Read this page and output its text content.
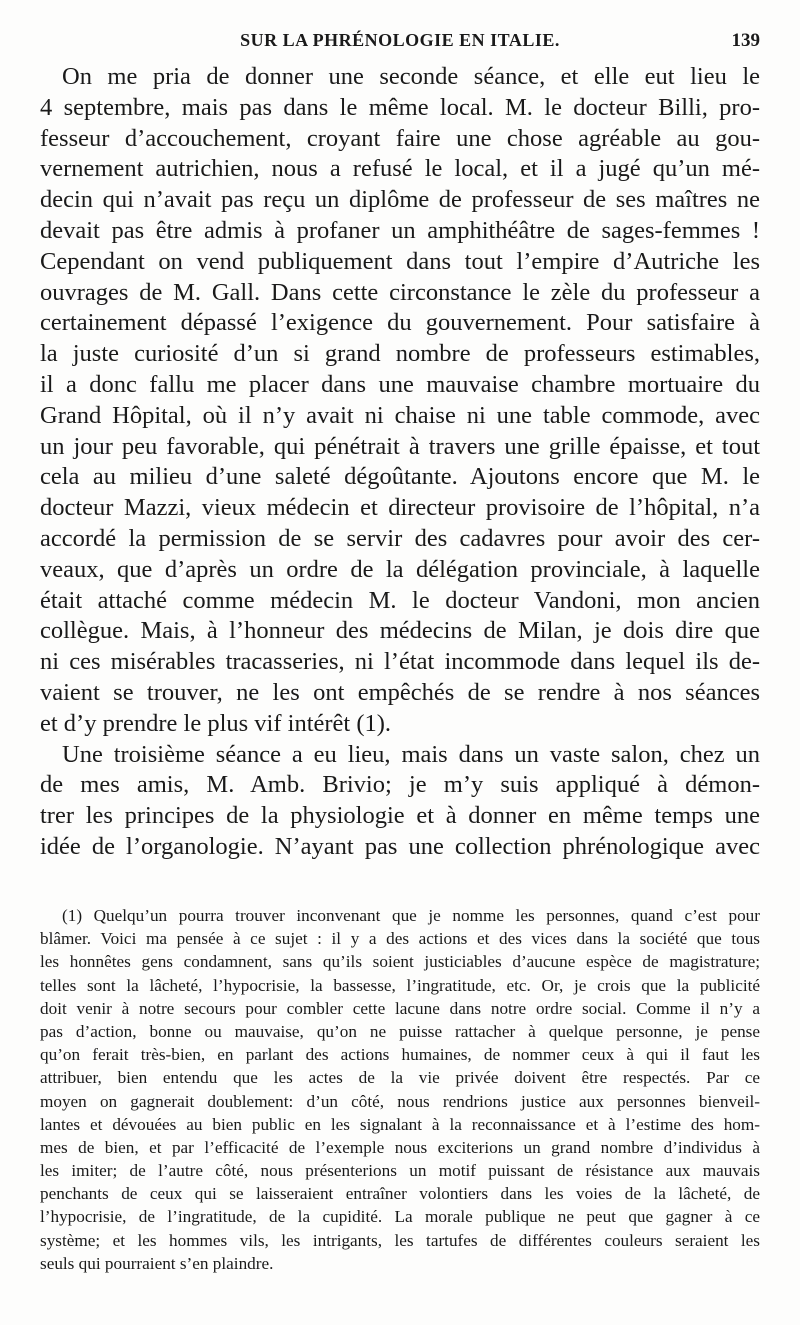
SUR LA PHRÉNOLOGIE EN ITALIE.	139
On me pria de donner une seconde séance, et elle eut lieu le
4 septembre, mais pas dans le même local. M. le docteur Billi, pro-
fesseur d’accouchement, croyant faire une chose agréable au gou-
vernement autrichien, nous a refusé le local, et il a jugé qu’un mé-
decin qui n’avait pas reçu un diplôme de professeur de ses maîtres ne
devait pas être admis à profaner un amphithéâtre de sages-femmes !
Cependant on vend publiquement dans tout l’empire d’Autriche les
ouvrages de M. Gall. Dans cette circonstance le zèle du professeur a
certainement dépassé l’exigence du gouvernement. Pour satisfaire à
la juste curiosité d’un si grand nombre de professeurs estimables,
il a donc fallu me placer dans une mauvaise chambre mortuaire du
Grand Hôpital, où il n’y avait ni chaise ni une table commode, avec
un jour peu favorable, qui pénétrait à travers une grille épaisse, et tout
cela au milieu d’une saleté dégoûtante. Ajoutons encore que M. le
docteur Mazzi, vieux médecin et directeur provisoire de l’hôpital, n’a
accordé la permission de se servir des cadavres pour avoir des cer-
veaux, que d’après un ordre de la délégation provinciale, à laquelle
était attaché comme médecin M. le docteur Vandoni, mon ancien
collègue. Mais, à l’honneur des médecins de Milan, je dois dire que
ni ces misérables tracasseries, ni l’état incommode dans lequel ils de-
vaient se trouver, ne les ont empêchés de se rendre à nos séances
et d’y prendre le plus vif intérêt (1).
Une troisième séance a eu lieu, mais dans un vaste salon, chez un
de mes amis, M. Amb. Brivio; je m’y suis appliqué à démon-
trer les principes de la physiologie et à donner en même temps une
idée de l’organologie. N’ayant pas une collection phrénologique avec
(1) Quelqu’un pourra trouver inconvenant que je nomme les personnes, quand c’est pour
blâmer. Voici ma pensée à ce sujet : il y a des actions et des vices dans la société que tous
les honnêtes gens condamnent, sans qu’ils soient justiciables d’aucune espèce de magistrature;
telles sont la lâcheté, l’hypocrisie, la bassesse, l’ingratitude, etc. Or, je crois que la publicité
doit venir à notre secours pour combler cette lacune dans notre ordre social. Comme il n’y a
pas d’action, bonne ou mauvaise, qu’on ne puisse rattacher à quelque personne, je pense
qu’on ferait très-bien, en parlant des actions humaines, de nommer ceux à qui il faut les
attribuer, bien entendu que les actes de la vie privée doivent être respectés. Par ce
moyen on gagnerait doublement: d’un côté, nous rendrions justice aux personnes bienveil-
lantes et dévouées au bien public en les signalant à la reconnaissance et à l’estime des hom-
mes de bien, et par l’efficacité de l’exemple nous exciterions un grand nombre d’individus à
les imiter; de l’autre côté, nous présenterions un motif puissant de résistance aux mauvais
penchants de ceux qui se laisseraient entraîner volontiers dans les voies de la lâcheté, de
l’hypocrisie, de l’ingratitude, de la cupidité. La morale publique ne peut que gagner à ce
système; et les hommes vils, les intrigants, les tartufes de différentes couleurs seraient les
seuls qui pourraient s’en plaindre.
